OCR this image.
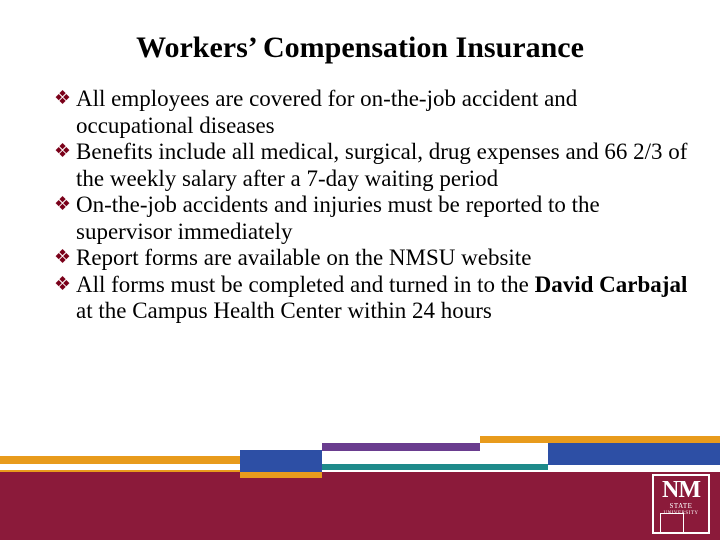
Workers’ Compensation Insurance
❖ All employees are covered for on-the-job accident and occupational diseases
❖ Benefits include all medical, surgical, drug expenses and 66 2/3 of the weekly salary after a 7-day waiting period
❖ On-the-job accidents and injuries must be reported to the supervisor immediately
❖ Report forms are available on the NMSU website
❖ All forms must be completed and turned in to the David Carbajal at the Campus Health Center within 24 hours
NM
STATE
UNIVERSITY
